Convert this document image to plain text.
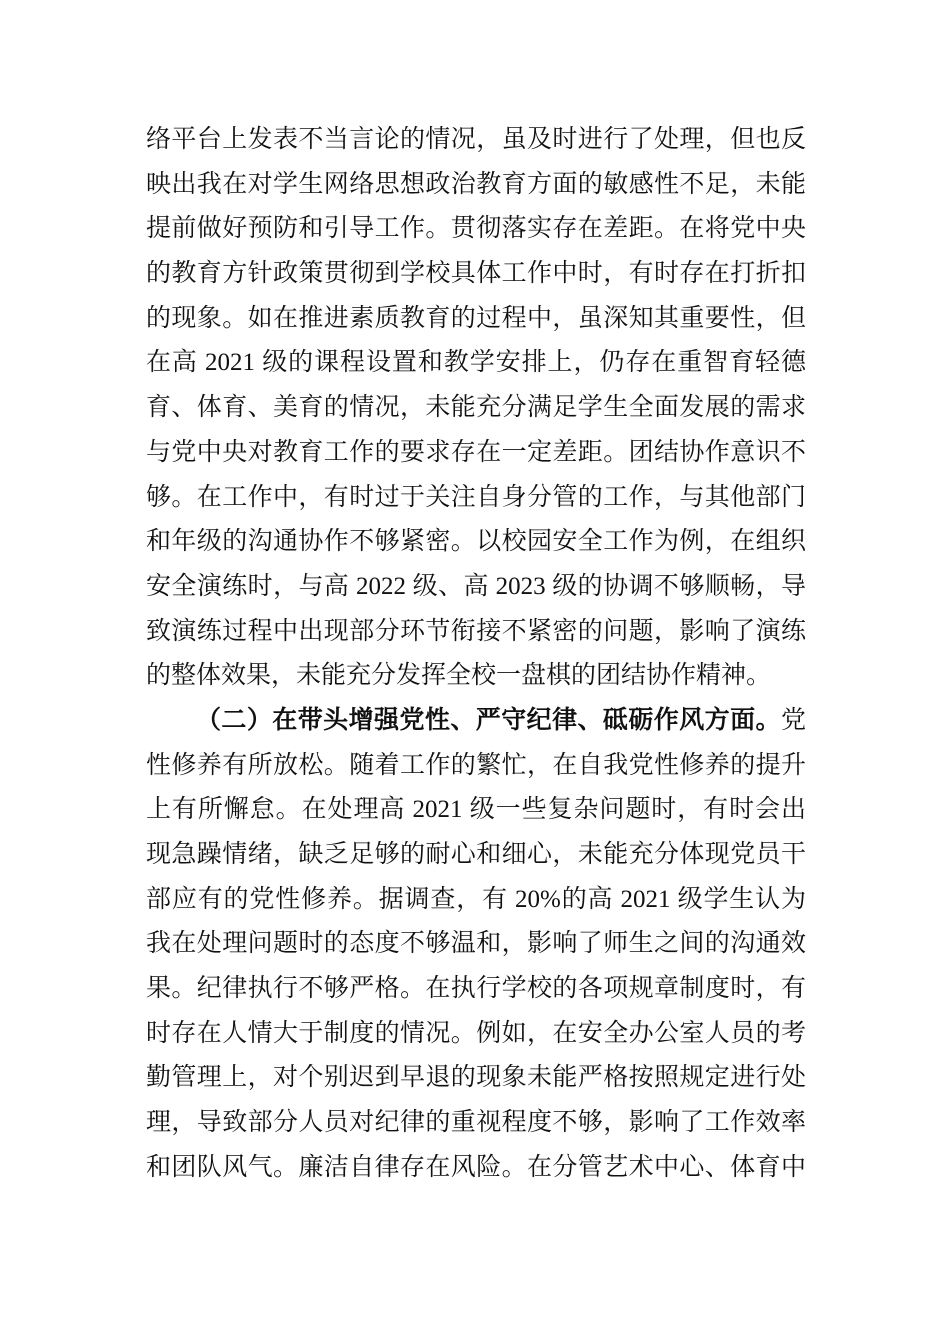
络平台上发表不当言论的情况，虽及时进行了处理，但也反
映出我在对学生网络思想政治教育方面的敏感性不足，未能
提前做好预防和引导工作。贯彻落实存在差距。在将党中央
的教育方针政策贯彻到学校具体工作中时，有时存在打折扣
的现象。如在推进素质教育的过程中，虽深知其重要性，但
在高 2021 级的课程设置和教学安排上，仍存在重智育轻德
育、体育、美育的情况，未能充分满足学生全面发展的需求
与党中央对教育工作的要求存在一定差距。团结协作意识不
够。在工作中，有时过于关注自身分管的工作，与其他部门
和年级的沟通协作不够紧密。以校园安全工作为例，在组织
安全演练时，与高 2022 级、高 2023 级的协调不够顺畅，导
致演练过程中出现部分环节衔接不紧密的问题，影响了演练
的整体效果，未能充分发挥全校一盘棋的团结协作精神。
（二）在带头增强党性、严守纪律、砥砺作风方面。党
性修养有所放松。随着工作的繁忙，在自我党性修养的提升
上有所懈怠。在处理高 2021 级一些复杂问题时，有时会出
现急躁情绪，缺乏足够的耐心和细心，未能充分体现党员干
部应有的党性修养。据调查，有 20%的高 2021 级学生认为
我在处理问题时的态度不够温和，影响了师生之间的沟通效
果。纪律执行不够严格。在执行学校的各项规章制度时，有
时存在人情大于制度的情况。例如，在安全办公室人员的考
勤管理上，对个别迟到早退的现象未能严格按照规定进行处
理，导致部分人员对纪律的重视程度不够，影响了工作效率
和团队风气。廉洁自律存在风险。在分管艺术中心、体育中
